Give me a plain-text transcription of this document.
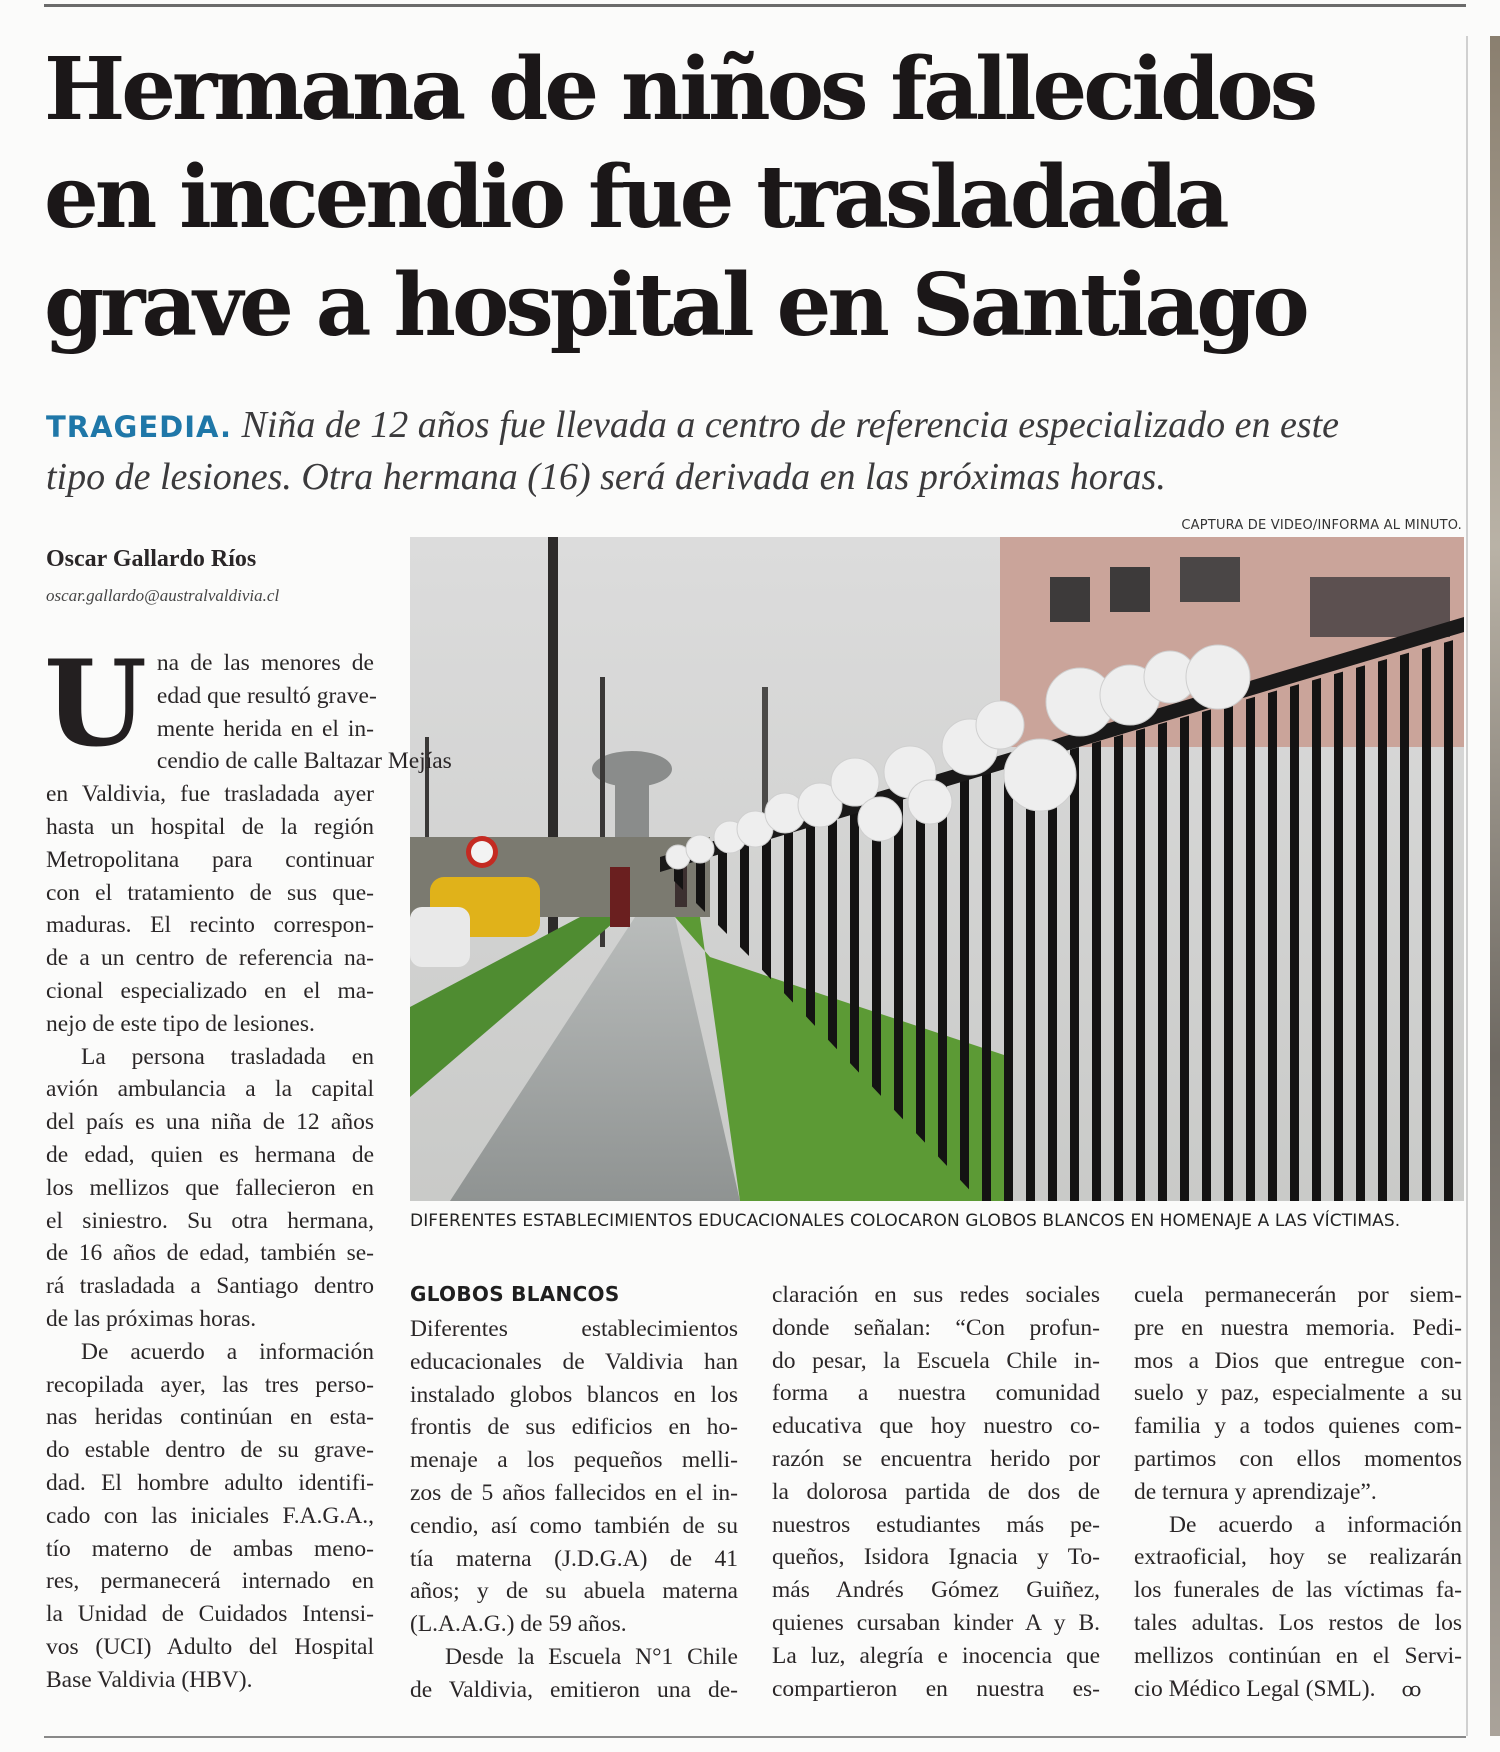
Hermana de niños fallecidos
en incendio fue trasladada
grave a hospital en Santiago

TRAGEDIA. Niña de 12 años fue llevada a centro de referencia especializado en este
tipo de lesiones. Otra hermana (16) será derivada en las próximas horas.

CAPTURA DE VIDEO/INFORMA AL MINUTO.
Oscar Gallardo Ríos
oscar.gallardo@australvaldivia.cl
DIFERENTES ESTABLECIMIENTOS EDUCACIONALES COLOCARON GLOBOS BLANCOS EN HOMENAJE A LAS VÍCTIMAS.
U na de las menores de
edad que resultó grave-
mente herida en el in-
cendio de calle Baltazar Mejías
en Valdivia, fue trasladada ayer
hasta un hospital de la región
Metropolitana para continuar
con el tratamiento de sus que-
maduras. El recinto correspon-
de a un centro de referencia na-
cional especializado en el ma-
nejo de este tipo de lesiones.
La persona trasladada en
avión ambulancia a la capital
del país es una niña de 12 años
de edad, quien es hermana de
los mellizos que fallecieron en
el siniestro. Su otra hermana,
de 16 años de edad, también se-
rá trasladada a Santiago dentro
de las próximas horas.
De acuerdo a información
recopilada ayer, las tres perso-
nas heridas continúan en esta-
do estable dentro de su grave-
dad. El hombre adulto identifi-
cado con las iniciales F.A.G.A.,
tío materno de ambas meno-
res, permanecerá internado en
la Unidad de Cuidados Intensi-
vos (UCI) Adulto del Hospital
Base Valdivia (HBV).
GLOBOS BLANCOS
Diferentes establecimientos
educacionales de Valdivia han
instalado globos blancos en los
frontis de sus edificios en ho-
menaje a los pequeños melli-
zos de 5 años fallecidos en el in-
cendio, así como también de su
tía materna (J.D.G.A) de 41
años; y de su abuela materna
(L.A.A.G.) de 59 años.
Desde la Escuela N°1 Chile
de Valdivia, emitieron una de-
claración en sus redes sociales
donde señalan: “Con profun-
do pesar, la Escuela Chile in-
forma a nuestra comunidad
educativa que hoy nuestro co-
razón se encuentra herido por
la dolorosa partida de dos de
nuestros estudiantes más pe-
queños, Isidora Ignacia y To-
más Andrés Gómez Guiñez,
quienes cursaban kinder A y B.
La luz, alegría e inocencia que
compartieron en nuestra es-
cuela permanecerán por siem-
pre en nuestra memoria. Pedi-
mos a Dios que entregue con-
suelo y paz, especialmente a su
familia y a todos quienes com-
partimos con ellos momentos
de ternura y aprendizaje”.
De acuerdo a información
extraoficial, hoy se realizarán
los funerales de las víctimas fa-
tales adultas. Los restos de los
mellizos continúan en el Servi-
cio Médico Legal (SML). ꝏ
